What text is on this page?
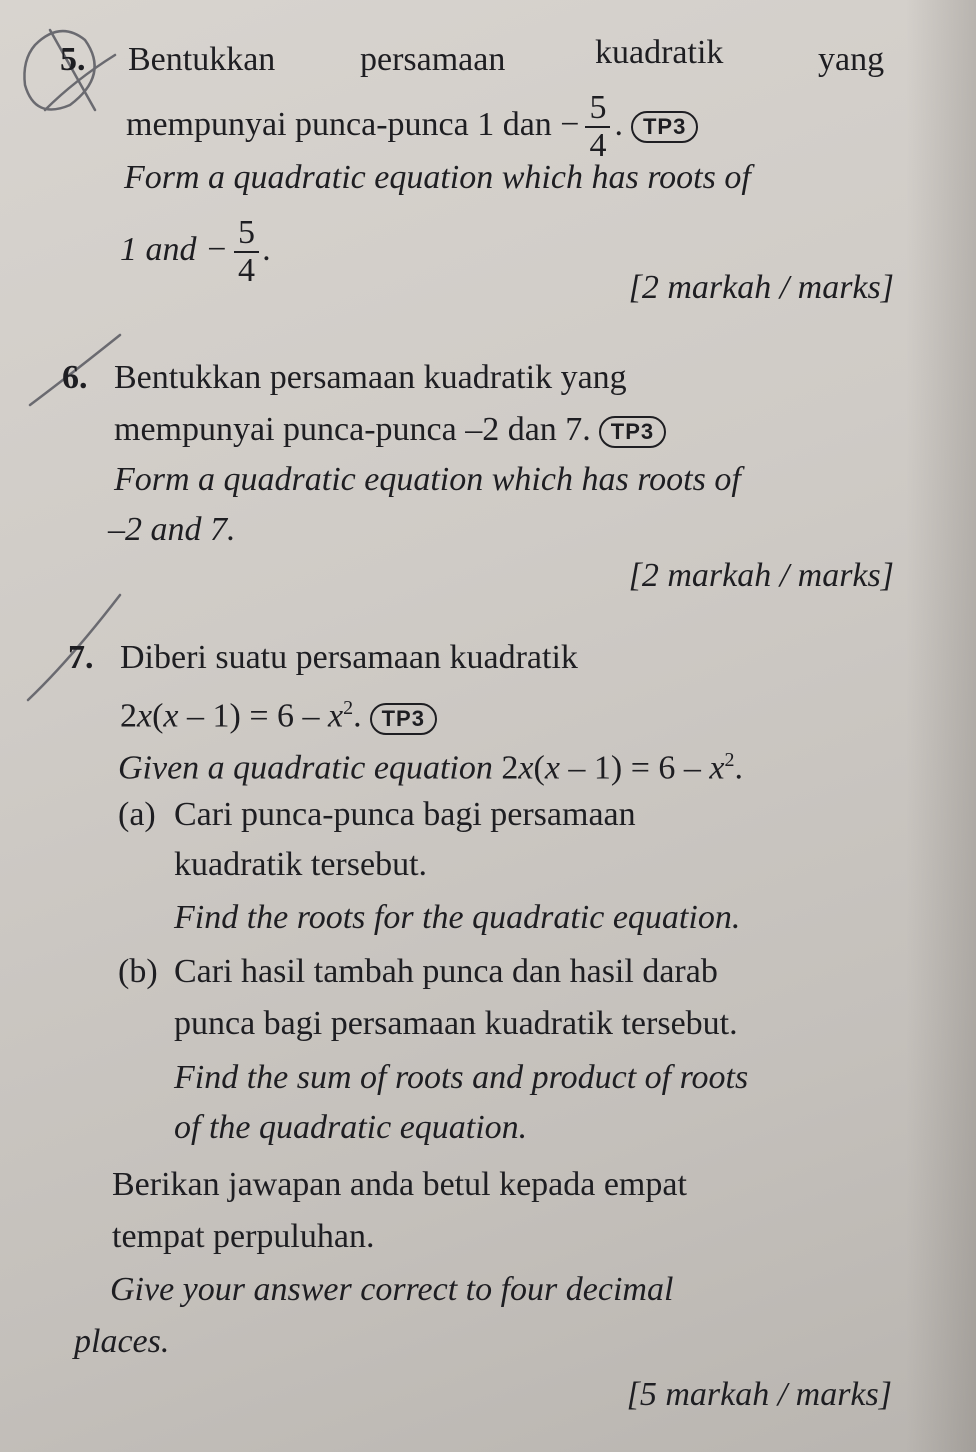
5. Bentukkan persamaan	kuadratik	yang
mempunyai punca-punca 1 dan − $\frac{5}{4}$ . TP3
Form a quadratic equation which has roots of
1 and − $\frac{5}{4}$ .
[2 markah / marks]
6. Bentukkan persamaan kuadratik yang
mempunyai punca-punca –2 dan 7. TP3
Form a quadratic equation which has roots of
–2 and 7.
[2 markah / marks]
7. Diberi suatu persamaan kuadratik
$2x(x - 1) = 6 - x^2$. TP3
Given a quadratic equation $2x(x - 1) = 6 - x^2$.
(a) Cari punca-punca bagi persamaan
kuadratik tersebut.
Find the roots for the quadratic equation.
(b) Cari hasil tambah punca dan hasil darab
punca bagi persamaan kuadratik tersebut.
Find the sum of roots and product of roots
of the quadratic equation.
Berikan jawapan anda betul kepada empat
tempat perpuluhan.
Give your answer correct to four decimal
places.
[5 markah / marks]
